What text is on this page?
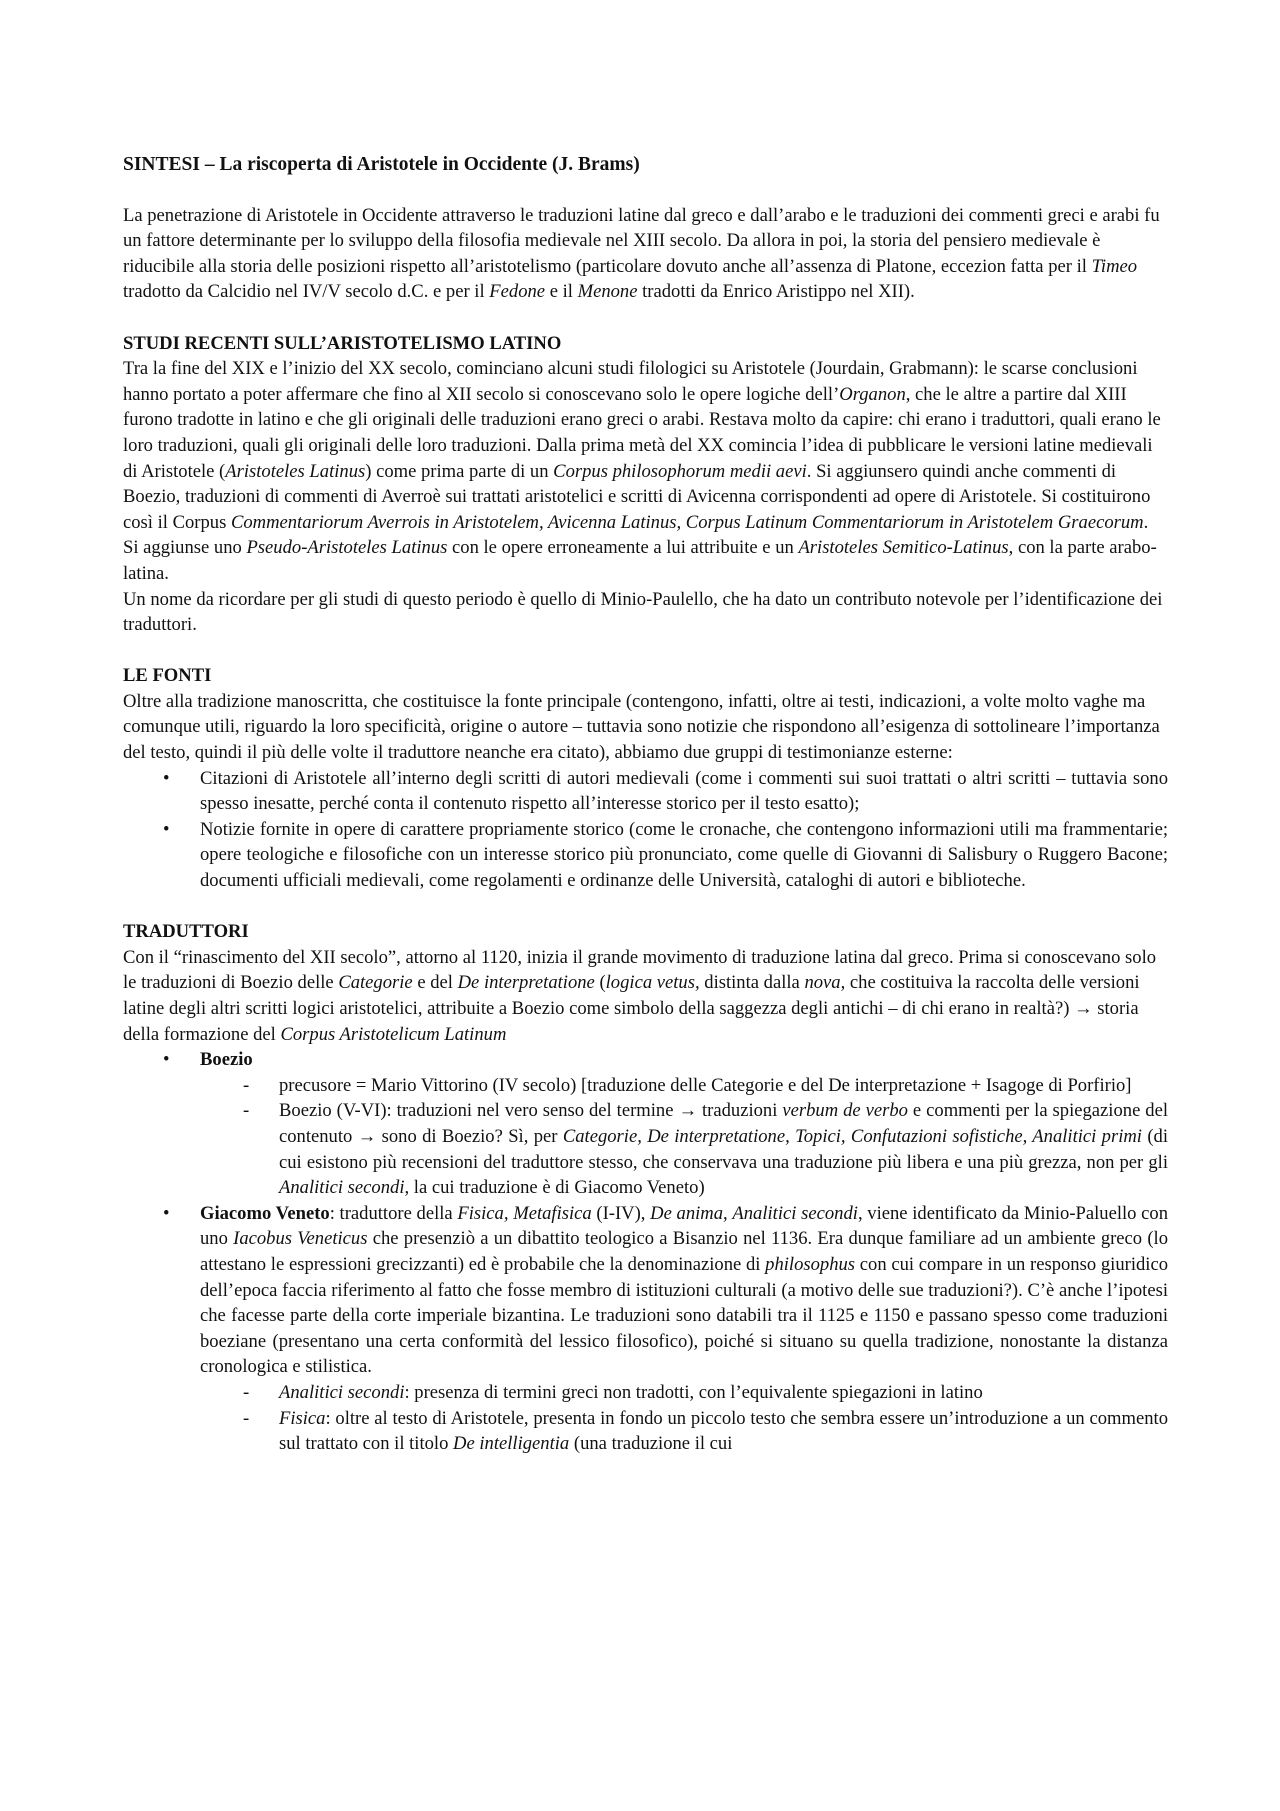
SINTESI – La riscoperta di Aristotele in Occidente (J. Brams)
La penetrazione di Aristotele in Occidente attraverso le traduzioni latine dal greco e dall’arabo e le traduzioni dei commenti greci e arabi fu un fattore determinante per lo sviluppo della filosofia medievale nel XIII secolo. Da allora in poi, la storia del pensiero medievale è riducibile alla storia delle posizioni rispetto all’aristotelismo (particolare dovuto anche all’assenza di Platone, eccezion fatta per il Timeo tradotto da Calcidio nel IV/V secolo d.C. e per il Fedone e il Menone tradotti da Enrico Aristippo nel XII).
STUDI RECENTI SULL’ARISTOTELISMO LATINO
Tra la fine del XIX e l’inizio del XX secolo, cominciano alcuni studi filologici su Aristotele (Jourdain, Grabmann): le scarse conclusioni hanno portato a poter affermare che fino al XII secolo si conoscevano solo le opere logiche dell’Organon, che le altre a partire dal XIII furono tradotte in latino e che gli originali delle traduzioni erano greci o arabi. Restava molto da capire: chi erano i traduttori, quali erano le loro traduzioni, quali gli originali delle loro traduzioni. Dalla prima metà del XX comincia l’idea di pubblicare le versioni latine medievali di Aristotele (Aristoteles Latinus) come prima parte di un Corpus philosophorum medii aevi. Si aggiunsero quindi anche commenti di Boezio, traduzioni di commenti di Averroè sui trattati aristotelici e scritti di Avicenna corrispondenti ad opere di Aristotele. Si costituirono così il Corpus Commentariorum Averrois in Aristotelem, Avicenna Latinus, Corpus Latinum Commentariorum in Aristotelem Graecorum. Si aggiunse uno Pseudo-Aristoteles Latinus con le opere erroneamente a lui attribuite e un Aristoteles Semitico-Latinus, con la parte arabo-latina.
Un nome da ricordare per gli studi di questo periodo è quello di Minio-Paulello, che ha dato un contributo notevole per l’identificazione dei traduttori.
LE FONTI
Oltre alla tradizione manoscritta, che costituisce la fonte principale (contengono, infatti, oltre ai testi, indicazioni, a volte molto vaghe ma comunque utili, riguardo la loro specificità, origine o autore – tuttavia sono notizie che rispondono all’esigenza di sottolineare l’importanza del testo, quindi il più delle volte il traduttore neanche era citato), abbiamo due gruppi di testimonianze esterne:
• Citazioni di Aristotele all’interno degli scritti di autori medievali (come i commenti sui suoi trattati o altri scritti – tuttavia sono spesso inesatte, perché conta il contenuto rispetto all’interesse storico per il testo esatto);
• Notizie fornite in opere di carattere propriamente storico (come le cronache, che contengono informazioni utili ma frammentarie; opere teologiche e filosofiche con un interesse storico più pronunciato, come quelle di Giovanni di Salisbury o Ruggero Bacone; documenti ufficiali medievali, come regolamenti e ordinanze delle Università, cataloghi di autori e biblioteche.
TRADUTTORI
Con il “rinascimento del XII secolo”, attorno al 1120, inizia il grande movimento di traduzione latina dal greco. Prima si conoscevano solo le traduzioni di Boezio delle Categorie e del De interpretatione (logica vetus, distinta dalla nova, che costituiva la raccolta delle versioni latine degli altri scritti logici aristotelici, attribuite a Boezio come simbolo della saggezza degli antichi – di chi erano in realtà?) → storia della formazione del Corpus Aristotelicum Latinum
• Boezio
- precusore = Mario Vittorino (IV secolo) [traduzione delle Categorie e del De interpretazione + Isagoge di Porfirio]
- Boezio (V-VI): traduzioni nel vero senso del termine → traduzioni verbum de verbo e commenti per la spiegazione del contenuto → sono di Boezio? Sì, per Categorie, De interpretatione, Topici, Confutazioni sofistiche, Analitici primi (di cui esistono più recensioni del traduttore stesso, che conservava una traduzione più libera e una più grezza, non per gli Analitici secondi, la cui traduzione è di Giacomo Veneto)
• Giacomo Veneto: traduttore della Fisica, Metafisica (I-IV), De anima, Analitici secondi, viene identificato da Minio-Paluello con uno Iacobus Veneticus che presenziò a un dibattito teologico a Bisanzio nel 1136. Era dunque familiare ad un ambiente greco (lo attestano le espressioni grecizzanti) ed è probabile che la denominazione di philosophus con cui compare in un responso giuridico dell’epoca faccia riferimento al fatto che fosse membro di istituzioni culturali (a motivo delle sue traduzioni?). C’è anche l’ipotesi che facesse parte della corte imperiale bizantina. Le traduzioni sono databili tra il 1125 e 1150 e passano spesso come traduzioni boeziane (presentano una certa conformità del lessico filosofico), poiché si situano su quella tradizione, nonostante la distanza cronologica e stilistica.
- Analitici secondi: presenza di termini greci non tradotti, con l’equivalente spiegazioni in latino
- Fisica: oltre al testo di Aristotele, presenta in fondo un piccolo testo che sembra essere un’introduzione a un commento sul trattato con il titolo De intelligentia (una traduzione il cui
